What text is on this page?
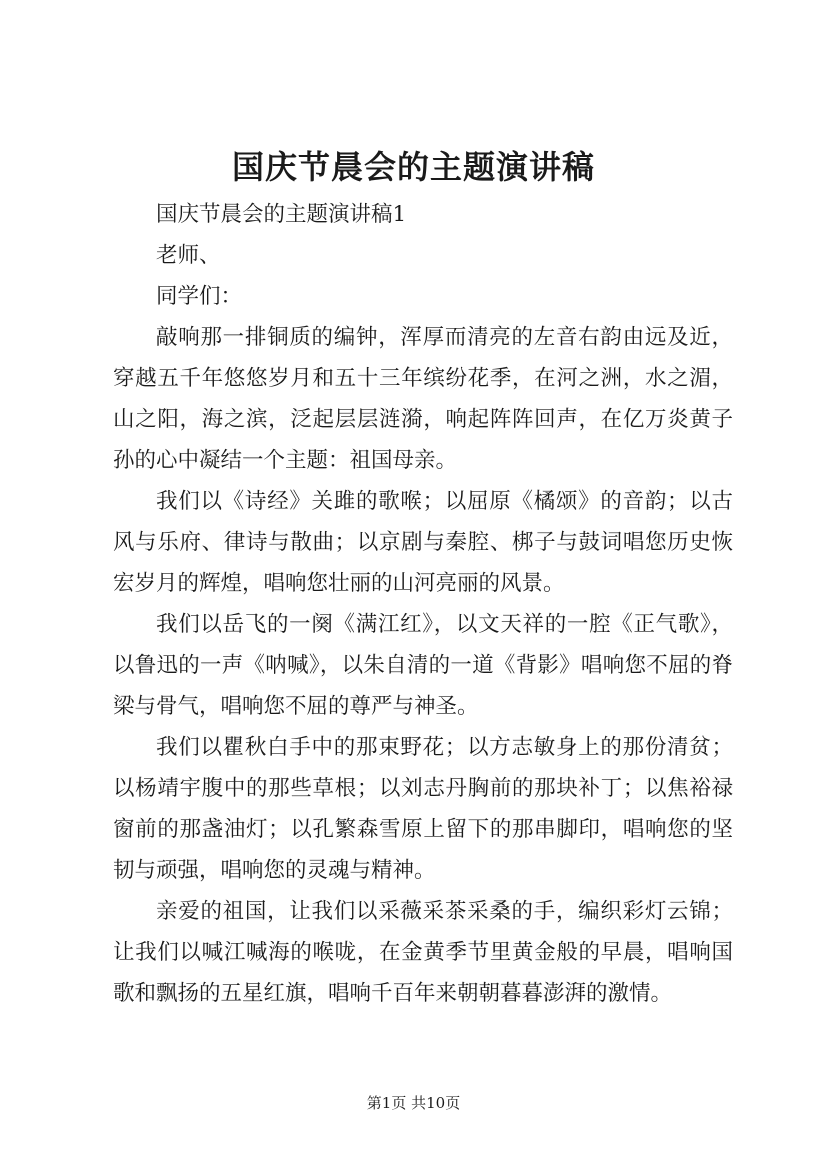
国庆节晨会的主题演讲稿

国庆节晨会的主题演讲稿1

老师、

同学们：

敲响那一排铜质的编钟，浑厚而清亮的左音右韵由远及近，穿越五千年悠悠岁月和五十三年缤纷花季，在河之洲，水之湄，山之阳，海之滨，泛起层层涟漪，响起阵阵回声，在亿万炎黄子孙的心中凝结一个主题：祖国母亲。

我们以《诗经》关雎的歌喉；以屈原《橘颂》的音韵；以古风与乐府、律诗与散曲；以京剧与秦腔、梆子与鼓词唱您历史恢宏岁月的辉煌，唱响您壮丽的山河亮丽的风景。

我们以岳飞的一阕《满江红》，以文天祥的一腔《正气歌》，以鲁迅的一声《呐喊》，以朱自清的一道《背影》唱响您不屈的脊梁与骨气，唱响您不屈的尊严与神圣。

我们以瞿秋白手中的那束野花；以方志敏身上的那份清贫；以杨靖宇腹中的那些草根；以刘志丹胸前的那块补丁；以焦裕禄窗前的那盏油灯；以孔繁森雪原上留下的那串脚印，唱响您的坚韧与顽强，唱响您的灵魂与精神。

亲爱的祖国，让我们以采薇采茶采桑的手，编织彩灯云锦；让我们以喊江喊海的喉咙，在金黄季节里黄金般的早晨，唱响国歌和飘扬的五星红旗，唱响千百年来朝朝暮暮澎湃的激情。

第1页 共10页
